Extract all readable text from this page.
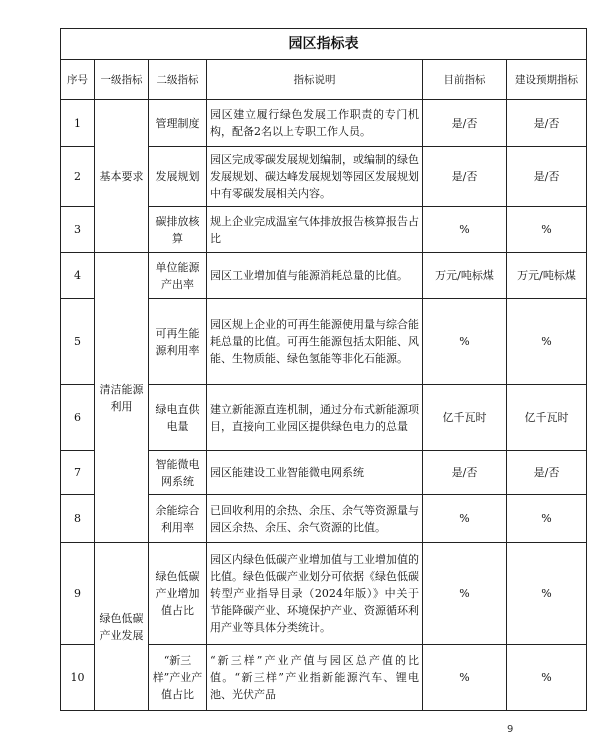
园区指标表					
序号	一级指标	二级指标	指标说明	目前指标	建设预期指标
1	基本要求	管理制度	园区建立履行绿色发展工作职责的专门机构，配备2名以上专职工作人员。	是/否	是/否
2		发展规划	园区完成零碳发展规划编制，或编制的绿色发展规划、碳达峰发展规划等园区发展规划中有零碳发展相关内容。	是/否	是/否
3		碳排放核算	规上企业完成温室气体排放报告核算报告占比	%	%
4	清洁能源利用	单位能源产出率	园区工业增加值与能源消耗总量的比值。	万元/吨标煤	万元/吨标煤
5		可再生能源利用率	园区规上企业的可再生能源使用量与综合能耗总量的比值。可再生能源包括太阳能、风能、生物质能、绿色氢能等非化石能源。	%	%
6		绿电直供电量	建立新能源直连机制，通过分布式新能源项目，直接向工业园区提供绿色电力的总量	亿千瓦时	亿千瓦时
7		智能微电网系统	园区能建设工业智能微电网系统	是/否	是/否
8		余能综合利用率	已回收利用的余热、余压、余气等资源量与园区余热、余压、余气资源的比值。	%	%
9	绿色低碳产业发展	绿色低碳产业增加值占比	园区内绿色低碳产业增加值与工业增加值的比值。绿色低碳产业划分可依据《绿色低碳转型产业指导目录（2024年版）》中关于节能降碳产业、环境保护产业、资源循环利用产业等具体分类统计。	%	%
10		“新三样”产业产值占比	“新三样”产业产值与园区总产值的比值。“新三样”产业指新能源汽车、锂电池、光伏产品	%	%
9
